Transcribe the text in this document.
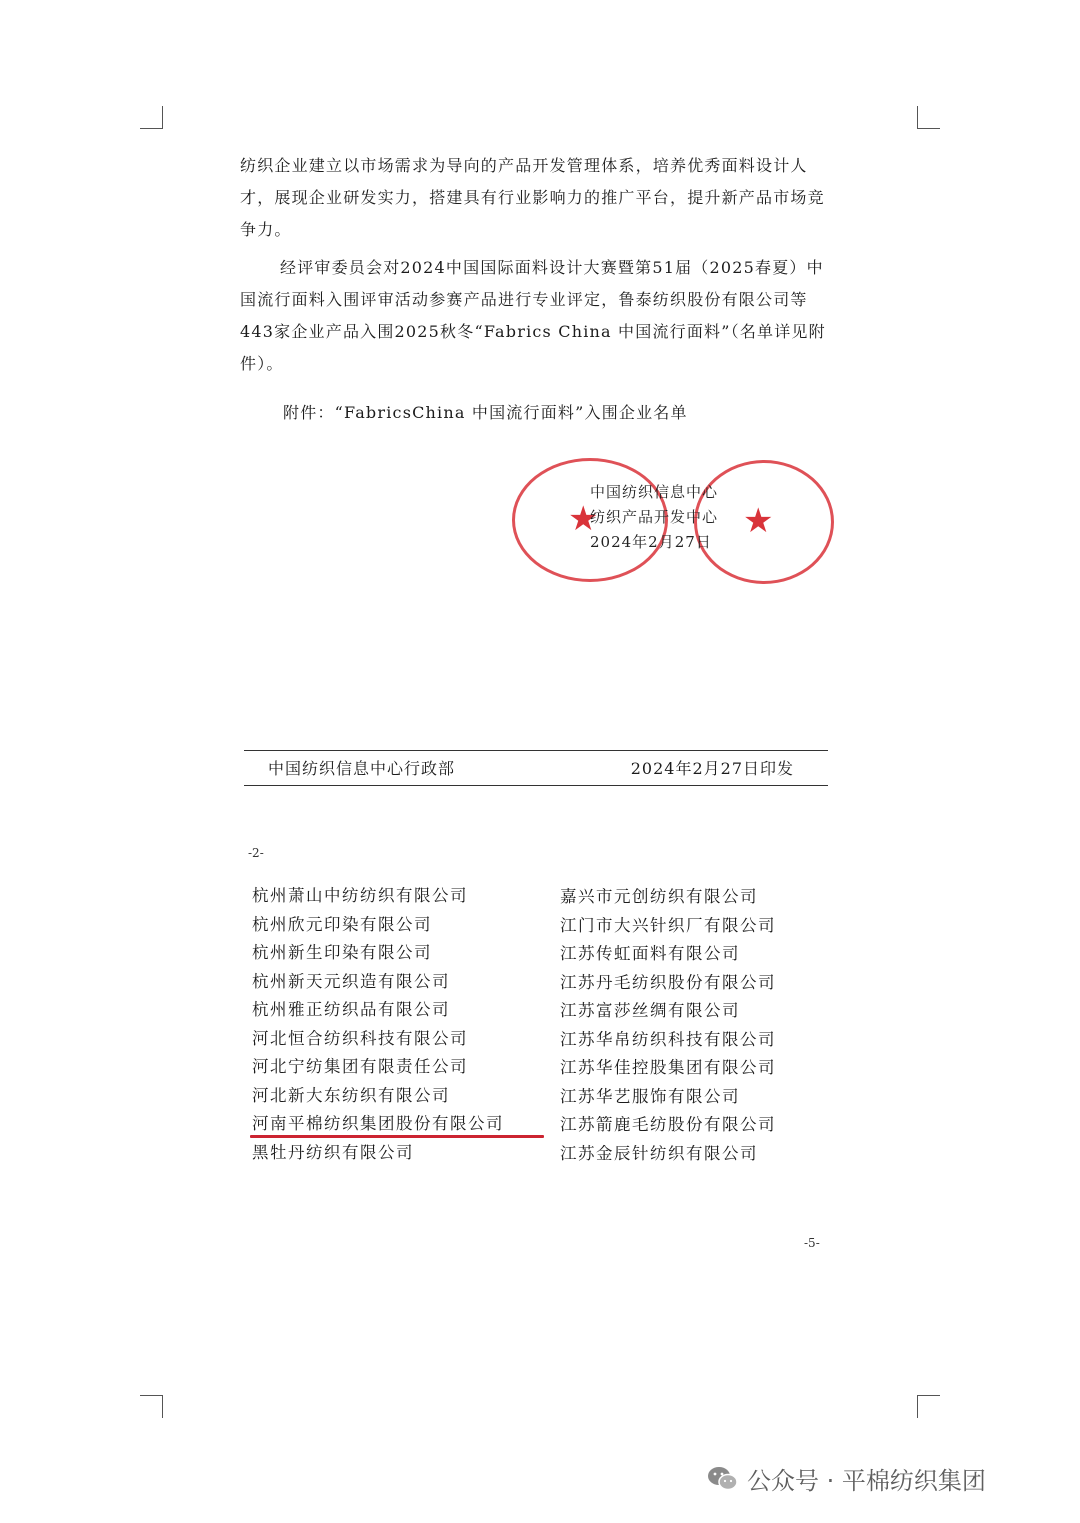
纺织企业建立以市场需求为导向的产品开发管理体系，培养优秀面料设计人才，展现企业研发实力，搭建具有行业影响力的推广平台，提升新产品市场竞争力。

经评审委员会对2024中国国际面料设计大赛暨第51届（2025春夏）中国流行面料入围评审活动参赛产品进行专业评定，鲁泰纺织股份有限公司等443家企业产品入围2025秋冬“Fabrics China 中国流行面料”（名单详见附件）。

附件：“FabricsChina 中国流行面料”入围企业名单
★	★
中国纺织信息中心
纺织产品开发中心
2024年2月27日
中国纺织信息中心行政部	2024年2月27日印发
-2-
杭州萧山中纺纺织有限公司
杭州欣元印染有限公司
杭州新生印染有限公司
杭州新天元织造有限公司
杭州雅正纺织品有限公司
河北恒合纺织科技有限公司
河北宁纺集团有限责任公司
河北新大东纺织有限公司
河南平棉纺织集团股份有限公司
黑牡丹纺织有限公司
嘉兴市元创纺织有限公司
江门市大兴针织厂有限公司
江苏传虹面料有限公司
江苏丹毛纺织股份有限公司
江苏富莎丝绸有限公司
江苏华帛纺织科技有限公司
江苏华佳控股集团有限公司
江苏华艺服饰有限公司
江苏箭鹿毛纺股份有限公司
江苏金辰针纺织有限公司
-5-
公众号 · 平棉纺织集团
